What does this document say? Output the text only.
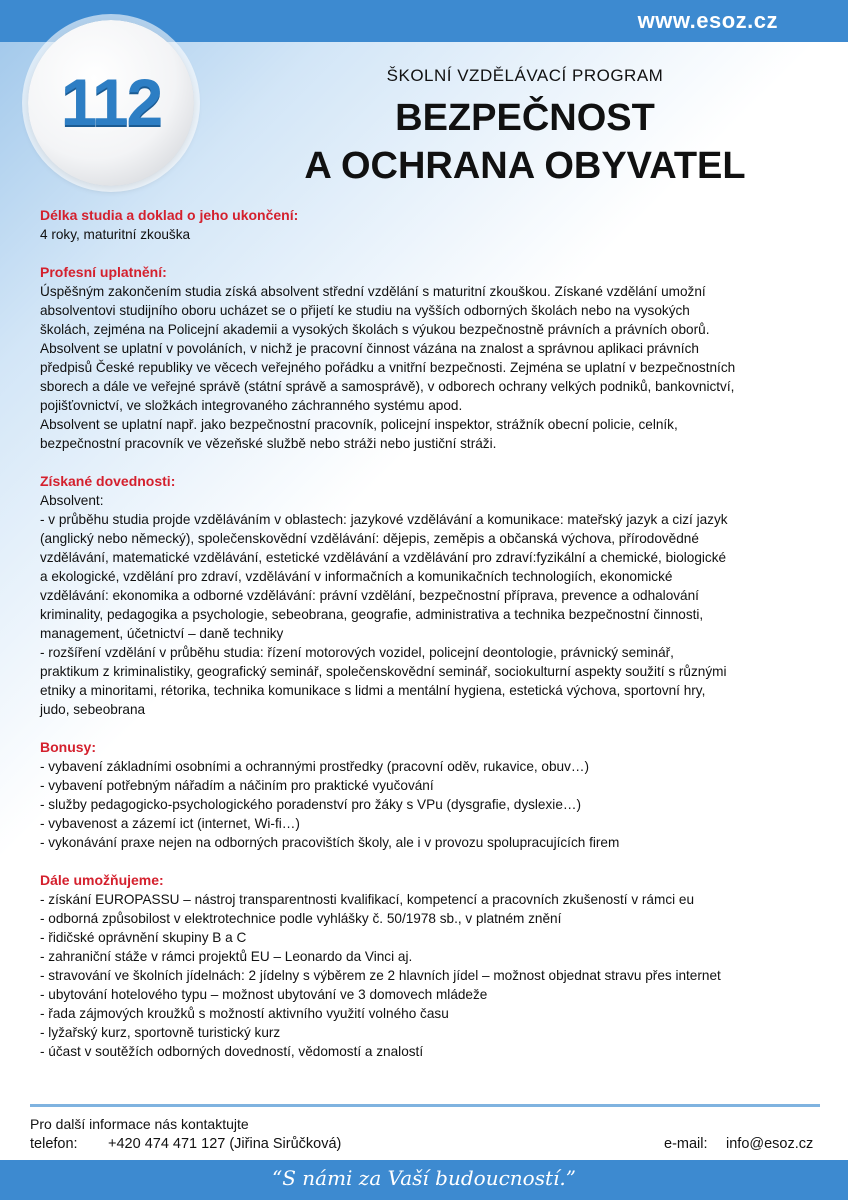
www.esoz.cz
112	ŠKOLNÍ VZDĚLÁVACÍ PROGRAM
BEZPEČNOST
A OCHRANA OBYVATEL
Délka studia a doklad o jeho ukončení:
4 roky, maturitní zkouška
Profesní uplatnění:
Úspěšným zakončením studia získá absolvent střední vzdělání s maturitní zkouškou. Získané vzdělání umožní
absolventovi studijního oboru ucházet se o přijetí ke studiu na vyšších odborných školách nebo na vysokých
školách, zejména na Policejní akademii a vysokých školách s výukou bezpečnostně právních a právních oborů.
Absolvent se uplatní v povoláních, v nichž je pracovní činnost vázána na znalost a správnou aplikaci právních
předpisů České republiky ve věcech veřejného pořádku a vnitřní bezpečnosti. Zejména se uplatní v bezpečnostních
sborech a dále ve veřejné správě (státní správě a samosprávě), v odborech ochrany velkých podniků, bankovnictví,
pojišťovnictví, ve složkách integrovaného záchranného systému apod.
Absolvent se uplatní např. jako bezpečnostní pracovník, policejní inspektor, strážník obecní policie, celník,
bezpečnostní pracovník ve vězeňské službě nebo stráži nebo justiční stráži.
Získané dovednosti:
Absolvent:
- v průběhu studia projde vzděláváním v oblastech: jazykové vzdělávání a komunikace: mateřský jazyk a cizí jazyk
(anglický nebo německý), společenskovědní vzdělávání: dějepis, zeměpis a občanská výchova, přírodovědné
vzdělávání, matematické vzdělávání, estetické vzdělávání a vzdělávání pro zdraví:fyzikální a chemické, biologické
a ekologické, vzdělání pro zdraví, vzdělávání v informačních a komunikačních technologiích, ekonomické
vzdělávání: ekonomika a odborné vzdělávání: právní vzdělání, bezpečnostní příprava, prevence a odhalování
kriminality, pedagogika a psychologie, sebeobrana, geografie, administrativa a technika bezpečnostní činnosti,
management, účetnictví – daně techniky
- rozšíření vzdělání v průběhu studia: řízení motorových vozidel, policejní deontologie, právnický seminář,
praktikum z kriminalistiky, geografický seminář, společenskovědní seminář, sociokulturní aspekty soužití s různými
etniky a minoritami, rétorika, technika komunikace s lidmi a mentální hygiena, estetická výchova, sportovní hry,
judo, sebeobrana
Bonusy:
- vybavení základními osobními a ochrannými prostředky (pracovní oděv, rukavice, obuv…)
- vybavení potřebným nářadím a náčiním pro praktické vyučování
- služby pedagogicko-psychologického poradenství pro žáky s VPu (dysgrafie, dyslexie…)
- vybavenost a zázemí ict (internet, Wi-fi…)
- vykonávání praxe nejen na odborných pracovištích školy, ale i v provozu spolupracujících firem
Dále umožňujeme:
- získání EUROPASSU – nástroj transparentnosti kvalifikací, kompetencí a pracovních zkušeností v rámci eu
- odborná způsobilost v elektrotechnice podle vyhlášky č. 50/1978 sb., v platném znění
- řidičské oprávnění skupiny B a C
- zahraniční stáže v rámci projektů EU – Leonardo da Vinci aj.
- stravování ve školních jídelnách: 2 jídelny s výběrem ze 2 hlavních jídel – možnost objednat stravu přes internet
- ubytování hotelového typu – možnost ubytování ve 3 domovech mládeže
- řada zájmových kroužků s možností aktivního využití volného času
- lyžařský kurz, sportovně turistický kurz
- účast v soutěžích odborných dovedností, vědomostí a znalostí
Pro další informace nás kontaktujte
telefon: +420 474 471 127 (Jiřina Sirůčková)	e-mail: info@esoz.cz
“S námi za Vaší budoucností.”
